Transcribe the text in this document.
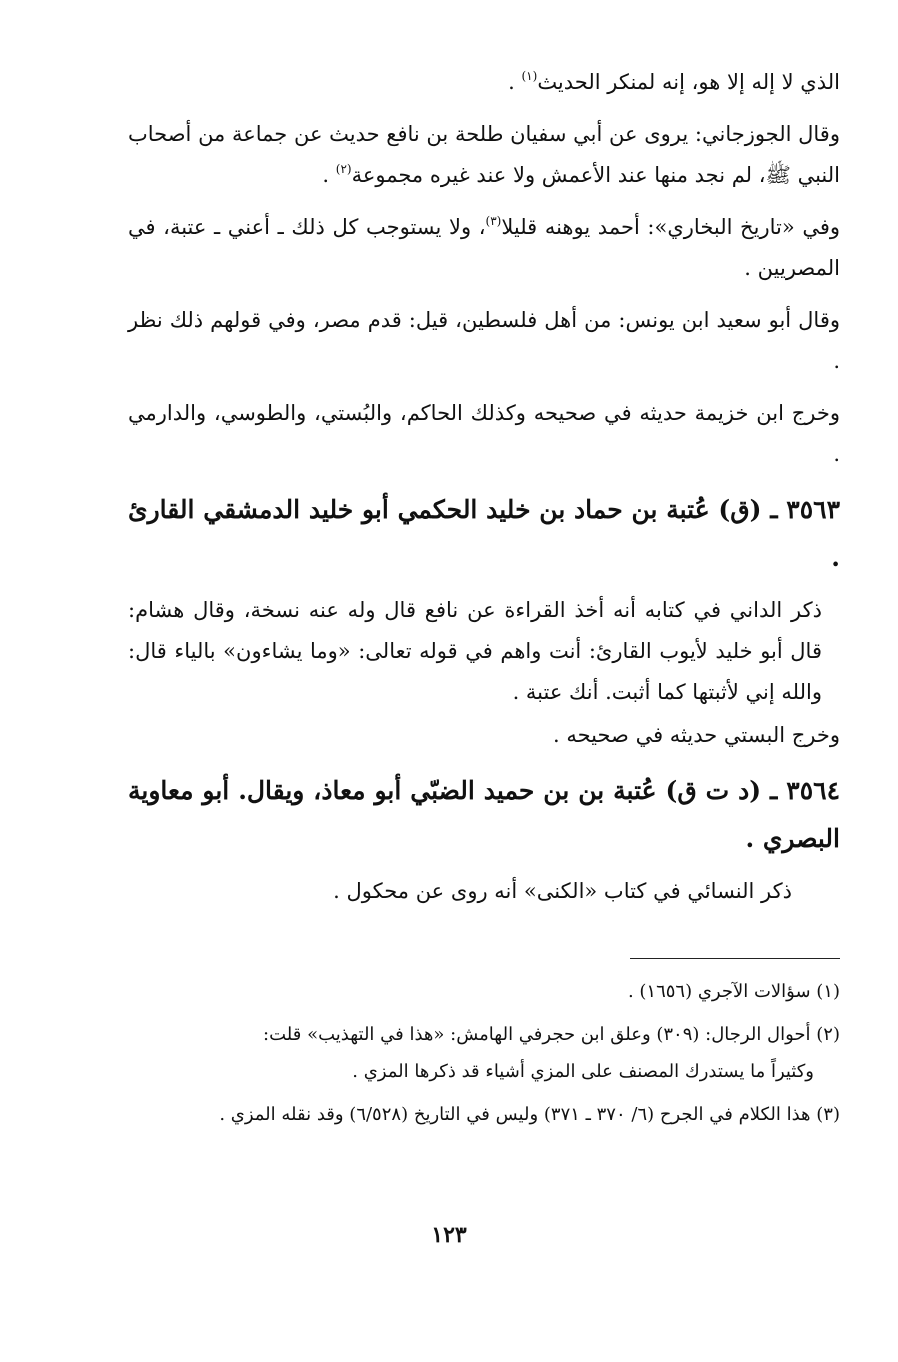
الذي لا إله إلا هو، إنه لمنكر الحديث$^{(١)}$ .

وقال الجوزجاني: يروى عن أبي سفيان طلحة بن نافع حديث عن جماعة من أصحاب النبي ﷺ، لم نجد منها عند الأعمش ولا عند غيره مجموعة$^{(٢)}$ .

وفي «تاريخ البخاري»: أحمد يوهنه قليلا$^{(٣)}$، ولا يستوجب كل ذلك ـ أعني ـ عتبة، في المصريين .

وقال أبو سعيد ابن يونس: من أهل فلسطين، قيل: قدم مصر، وفي قولهم ذلك نظر .

وخرج ابن خزيمة حديثه في صحيحه وكذلك الحاكم، والبُستي، والطوسي، والدارمي .

٣٥٦٣ ـ (ق) عُتبة بن حماد بن خليد الحكمي أبو خليد الدمشقي القارئ .

ذكر الداني في كتابه أنه أخذ القراءة عن نافع قال وله عنه نسخة، وقال هشام: قال أبو خليد لأيوب القارئ: أنت واهم في قوله تعالى: «وما يشاءون» بالياء قال: والله إني لأثبتها كما أثبت. أنك عتبة .

وخرج البستي حديثه في صحيحه .

٣٥٦٤ ـ (د ت ق) عُتبة بن بن حميد الضبّي أبو معاذ، ويقال. أبو معاوية البصري .

ذكر النسائي في كتاب «الكنى» أنه روى عن محكول .

(١) سؤالات الآجري (١٦٥٦) .

(٢) أحوال الرجال: (٣٠٩) وعلق ابن حجرفي الهامش: «هذا في التهذيب» قلت:
وكثيراً ما يستدرك المصنف على المزي أشياء قد ذكرها المزي .

(٣) هذا الكلام في الجرح (٦/ ٣٧٠ ـ ٣٧١) وليس في التاريخ (٦/٥٢٨) وقد نقله المزي .

١٢٣
